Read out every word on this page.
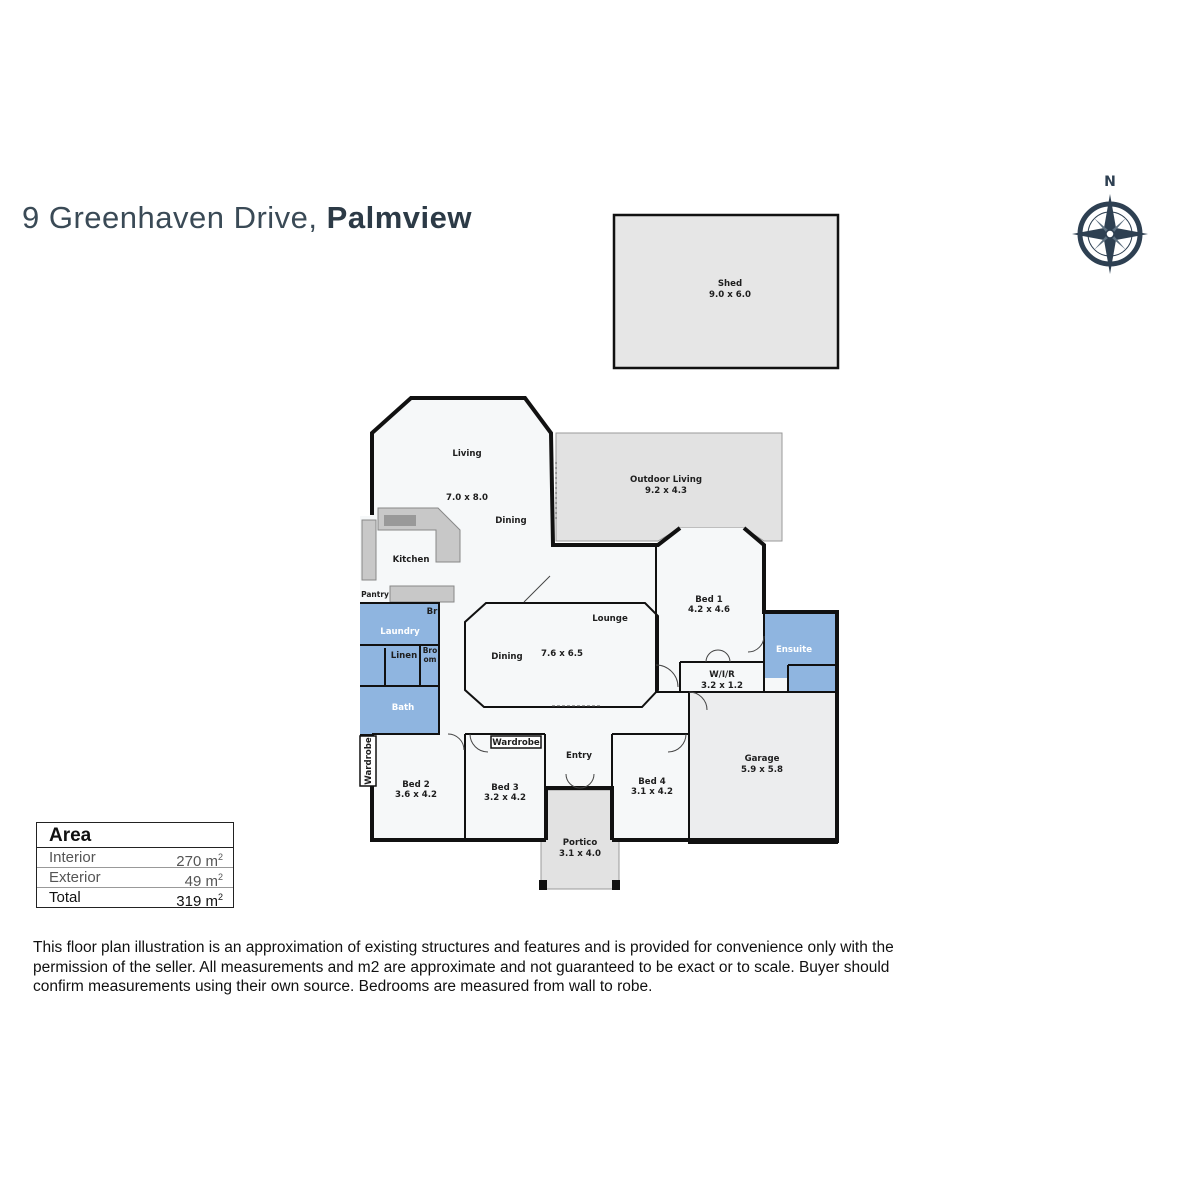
9 Greenhaven Drive, Palmview
N
Shed
9.0 x 6.0
Outdoor Living
9.2 x 4.3
Portico
3.1 x 4.0
Wardrobe	Wardrobe
Living
7.0 x 8.0
Dining
Kitchen
Pantry
Br
Laundry
Linen
Bro
om
Bath
Lounge
7.6 x 6.5
Dining
Bed 1
4.2 x 4.6
W/I/R
3.2 x 1.2
Ensuite
Entry	Garage
5.9 x 5.8
Bed 2
3.6 x 4.2
Bed 3
3.2 x 4.2
Bed 4
3.1 x 4.2
Area
Interior	270 $m^2$
Exterior	49 $m^2$
Total	319 $m^2$
This floor plan illustration is an approximation of existing structures and features and is provided for convenience only with the permission of the seller. All measurements and m2 are approximate and not guaranteed to be exact or to scale. Buyer should confirm measurements using their own source. Bedrooms are measured from wall to robe.
